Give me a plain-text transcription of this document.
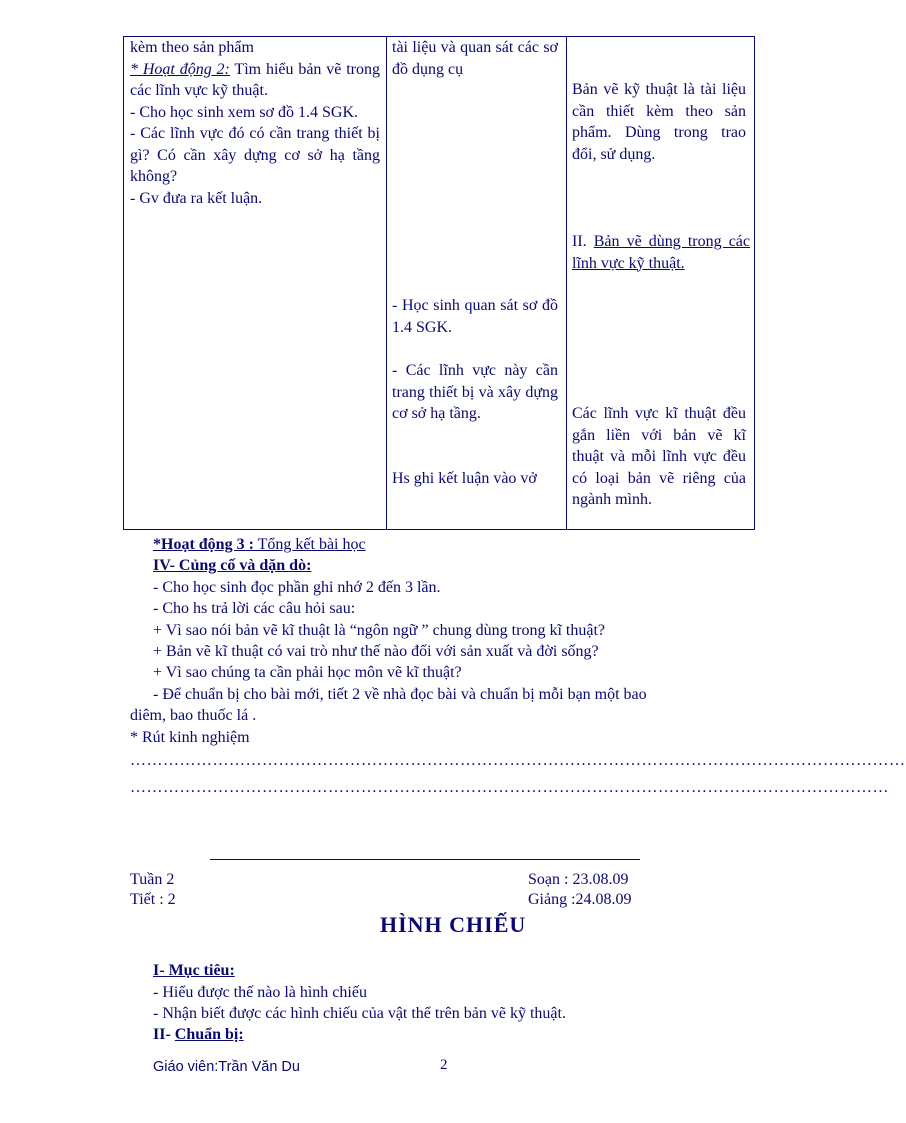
kèm theo sản phẩm

* Hoạt động 2: Tìm hiểu bản vẽ trong các lĩnh vực kỹ thuật.

- Cho học sinh xem sơ đồ 1.4 SGK.

- Các lĩnh vực đó có cần trang thiết bị gì? Có cần xây dựng cơ sở hạ tầng không?

- Gv đưa ra kết luận.

tài liệu và quan sát các sơ đồ dụng cụ

- Học sinh quan sát sơ đồ 1.4 SGK.

- Các lĩnh vực này cần trang thiết bị và xây dựng cơ sở hạ tầng.

Hs ghi kết luận vào vở

Bản vẽ kỹ thuật là tài liệu cần thiết kèm theo sản phẩm. Dùng trong trao đổi, sử dụng.

II. Bản vẽ dùng trong các lĩnh vực kỹ thuật.

Các lĩnh vực kĩ thuật đều gắn liền với bản vẽ kĩ thuật và mỗi lĩnh vực đều có loại bản vẽ riêng của ngành mình.

*Hoạt động 3 : Tổng kết bài học
IV- Củng cố và dặn dò:
- Cho học sinh đọc phần ghi nhớ 2 đến 3 lần.
- Cho hs trả lời các câu hỏi sau:
+ Vì sao nói bản vẽ kĩ thuật là “ngôn ngữ ” chung dùng trong kĩ thuật?
+ Bản vẽ kĩ thuật có vai trò như thế nào đối với sản xuất và đời sống?
+ Vì sao chúng ta cần phải học môn vẽ kĩ thuật?
- Để chuẩn bị cho bài mới, tiết 2 về nhà đọc bài và chuẩn bị mỗi bạn một bao
diêm, bao thuốc lá .
* Rút kinh nghiệm
……………………………………………………………………………………………………………………………
…………………………………………………………………………………………………………………………
Tuần 2
Tiết : 2
Soạn : 23.08.09
Giảng :24.08.09
HÌNH CHIẾU
I- Mục tiêu:
- Hiểu được thế nào là hình chiếu
- Nhận biết được các hình chiếu của vật thể trên bản vẽ kỹ thuật.
II- Chuẩn bị:
Giáo viên:Trần Văn Du	2
